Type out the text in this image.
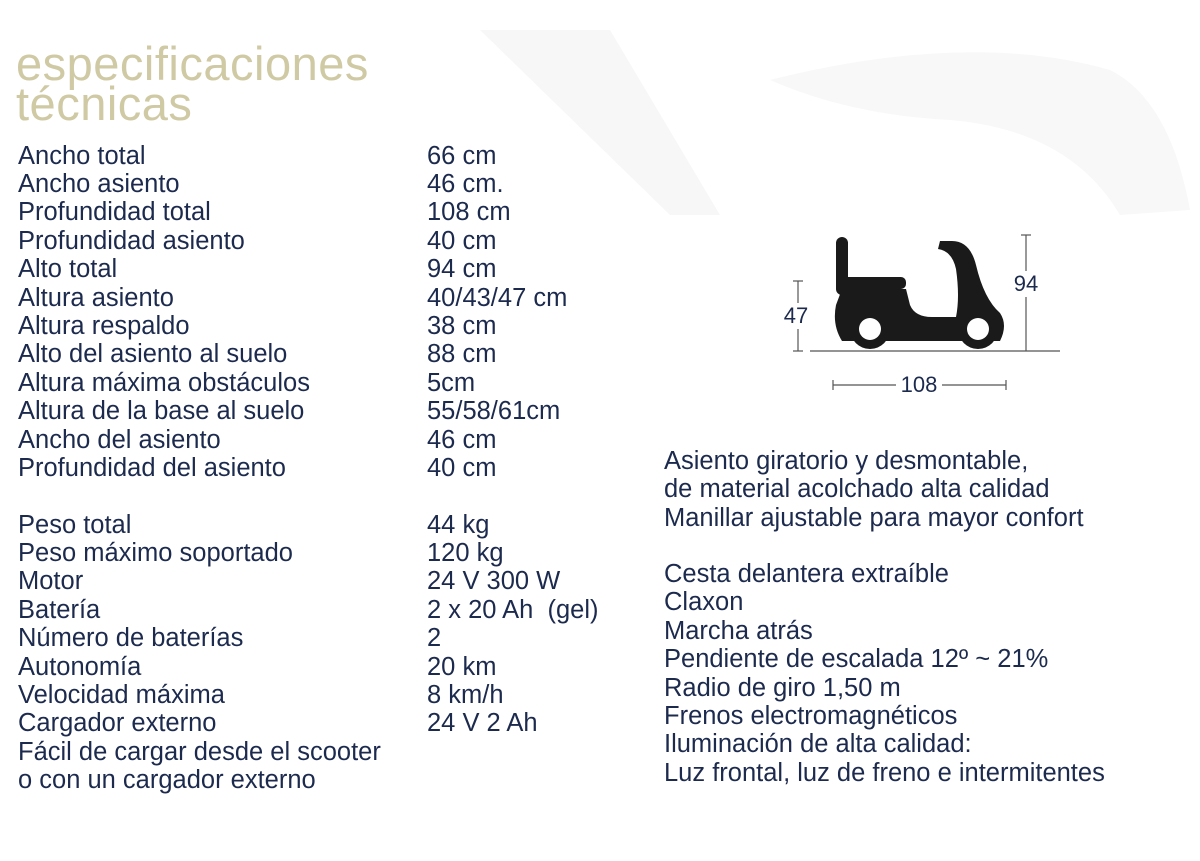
especificaciones
técnicas
Ancho total	66 cm
Ancho asiento	46 cm.
Profundidad total	108 cm
Profundidad asiento	40 cm
Alto total	94 cm
Altura asiento	40/43/47 cm
Altura respaldo	38 cm
Alto del asiento al suelo	88 cm
Altura máxima obstáculos	5cm
Altura de la base al suelo	55/58/61cm
Ancho del asiento	46 cm
Profundidad del asiento	40 cm
Peso total	44 kg
Peso máximo soportado	120 kg
Motor	24 V 300 W
Batería	2 x 20 Ah  (gel)
Número de baterías	2
Autonomía	20 km
Velocidad máxima	8 km/h
Cargador externo	24 V 2 Ah
Fácil de cargar desde el scooter
o con un cargador externo
47
94
108
Asiento giratorio y desmontable,
de material acolchado alta calidad
Manillar ajustable para mayor confort
Cesta delantera extraíble
Claxon
Marcha atrás
Pendiente de escalada 12º ~ 21%
Radio de giro 1,50 m
Frenos electromagnéticos
Iluminación de alta calidad:
Luz frontal, luz de freno e intermitentes
